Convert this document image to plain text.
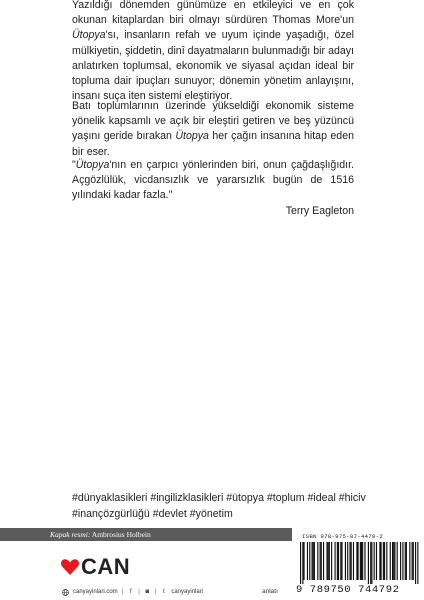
Yazıldığı dönemden günümüze en etkileyici ve en çok okunan kitaplardan biri olmayı sürdüren Thomas More'un Ütopya'sı, insanların refah ve uyum içinde yaşadığı, özel mülkiyetin, şiddetin, dinî dayatmaların bulunmadığı bir adayı anlatırken toplumsal, ekonomik ve siyasal açıdan ideal bir topluma dair ipuçları sunuyor; dönemin yönetim anlayışını, insanı suça iten sistemi eleştiriyor.

Batı toplumlarının üzerinde yükseldiği ekonomik sisteme yönelik kapsamlı ve açık bir eleştiri getiren ve beş yüzüncü yaşını geride bırakan Ütopya her çağın insanına hitap eden bir eser.

"Ütopya'nın en çarpıcı yönlerinden biri, onun çağdaşlığıdır. Açgözlülük, vicdansızlık ve yararsızlık bugün de 1516 yılındaki kadar fazla."
Terry Eagleton

#dünyaklasikleri #ingilizklasikleri #ütopya #toplum #ideal #hiciv #inançözgürlüğü #devlet #yönetim

Kapak resmi: Ambrosius Holbein
CAN
canyayinlari.com |	f	| ◙ |	t	canyayinlari	anlatı
ISBN 978-975-07-4479-2
9 789750 744792
